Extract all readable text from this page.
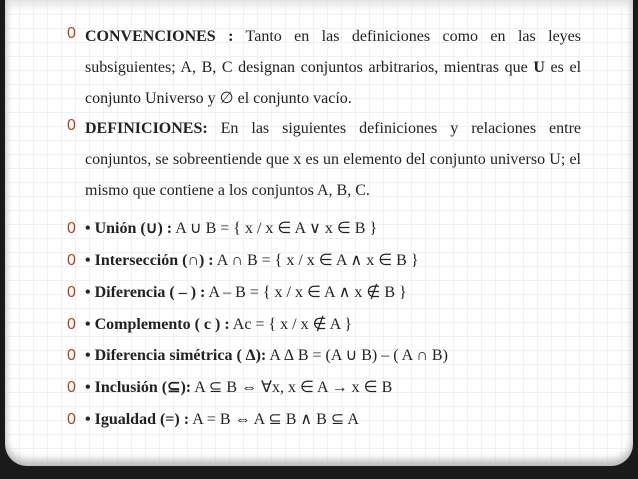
0 CONVENCIONES : Tanto en las definiciones como en las leyes subsiguientes; A, B, C designan conjuntos arbitrarios, mientras que U es el conjunto Universo y ∅ el conjunto vacío.
0 DEFINICIONES: En las siguientes definiciones y relaciones entre conjuntos, se sobreentiende que x es un elemento del conjunto universo U; el mismo que contiene a los conjuntos A, B, C.
0 • Unión (∪) : A ∪ B = { x / x ∈ A ∨ x ∈ B }
0 • Intersección (∩) : A ∩ B = { x / x ∈ A ∧ x ∈ B }
0 • Diferencia ( – ) : A – B = { x / x ∈ A ∧ x ∉ B }
0 • Complemento ( c ) : Ac = { x / x ∉ A }
0 • Diferencia simétrica ( ∆): A ∆ B = (A ∪ B) – ( A ∩ B)
0 • Inclusión (⊆): A ⊆ B ⇔ ∀x, x ∈ A → x ∈ B
0 • Igualdad (=) : A = B ⇔ A ⊆ B ∧ B ⊆ A
